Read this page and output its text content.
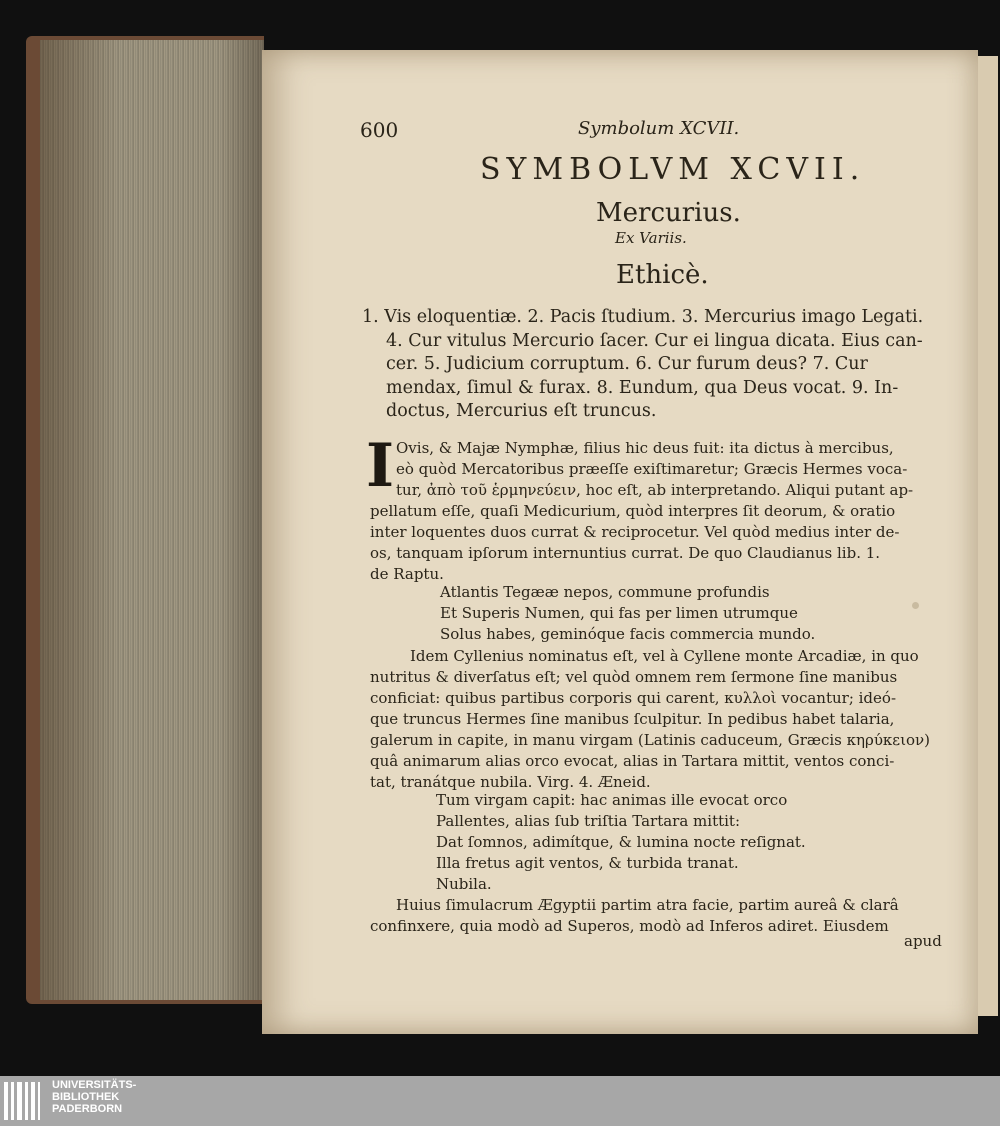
600	Symbolum XCVII.
SYMBOLVM XCVII.
Mercurius.
Ex Variis.
Ethicè.
1. Vis eloquentiæ. 2. Pacis ſtudium. 3. Mercurius imago Legati.
4. Cur vitulus Mercurio ſacer. Cur ei lingua dicata. Eius can-
cer. 5. Judicium corruptum. 6. Cur furum deus? 7. Cur
mendax, ſimul & furax. 8. Eundum, qua Deus vocat. 9. In-
doctus, Mercurius eſt truncus.
I Ovis, & Majæ Nymphæ, filius hic deus fuit: ita dictus à mercibus,
eò quòd Mercatoribus præeſſe exiſtimaretur; Græcis Hermes voca-
tur, ἀπὸ τοῦ ἑρμηνεύειν, hoc eſt, ab interpretando. Aliqui putant ap-
pellatum eſſe, quaſi Medicurium, quòd interpres ſit deorum, & oratio
inter loquentes duos currat & reciprocetur. Vel quòd medius inter de-
os, tanquam ipſorum internuntius currat. De quo Claudianus lib. 1.
de Raptu.
Atlantis Tegææ nepos, commune profundis
Et Superis Numen, qui fas per limen utrumque
Solus habes, geminóque facis commercia mundo.
Idem Cyllenius nominatus eſt, vel à Cyllene monte Arcadiæ, in quo
nutritus & diverſatus eſt; vel quòd omnem rem ſermone ſine manibus
conficiat: quibus partibus corporis qui carent, κυλλοὶ vocantur; ideó-
que truncus Hermes ſine manibus ſculpitur. In pedibus habet talaria,
galerum in capite, in manu virgam (Latinis caduceum, Græcis κηρύκειον)
quâ animarum alias orco evocat, alias in Tartara mittit, ventos conci-
tat, tranátque nubila. Virg. 4. Æneid.
Tum virgam capit: hac animas ille evocat orco
Pallentes, alias ſub triſtia Tartara mittit:
Dat ſomnos, adimítque, & lumina nocte reſignat.
Illa fretus agit ventos, & turbida tranat.
Nubila.
Huius ſimulacrum Ægyptii partim atra facie, partim aureâ & clarâ
confinxere, quia modò ad Superos, modò ad Inferos adiret. Eiusdem
apud
UNIVERSITÄTS-
BIBLIOTHEK
PADERBORN
